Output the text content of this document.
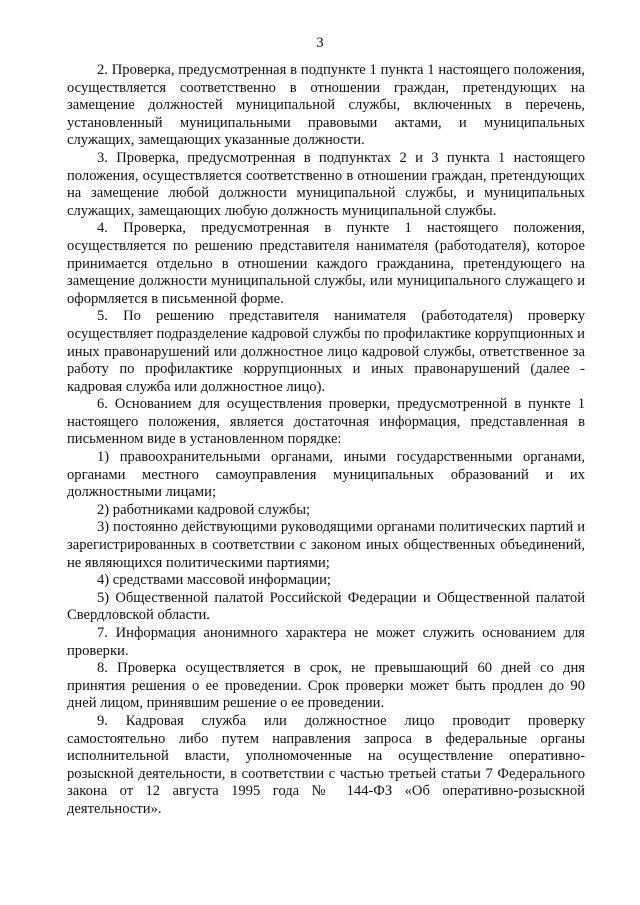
3

2. Проверка, предусмотренная в подпункте 1 пункта 1 настоящего положения, осуществляется соответственно в отношении граждан, претендующих на замещение должностей муниципальной службы, включенных в перечень, установленный муниципальными правовыми актами, и муниципальных служащих, замещающих указанные должности.

3. Проверка, предусмотренная в подпунктах 2 и 3 пункта 1 настоящего положения, осуществляется соответственно в отношении граждан, претендующих на замещение любой должности муниципальной службы, и муниципальных служащих, замещающих любую должность муниципальной службы.

4. Проверка, предусмотренная в пункте 1 настоящего положения, осуществляется по решению представителя нанимателя (работодателя), которое принимается отдельно в отношении каждого гражданина, претендующего на замещение должности муниципальной службы, или муниципального служащего и оформляется в письменной форме.

5. По решению представителя нанимателя (работодателя) проверку осуществляет подразделение кадровой службы по профилактике коррупционных и иных правонарушений или должностное лицо кадровой службы, ответственное за работу по профилактике коррупционных и иных правонарушений (далее - кадровая служба или должностное лицо).

6. Основанием для осуществления проверки, предусмотренной в пункте 1 настоящего положения, является достаточная информация, представленная в письменном виде в установленном порядке:

1) правоохранительными органами, иными государственными органами, органами местного самоуправления муниципальных образований и их должностными лицами;

2) работниками кадровой службы;

3) постоянно действующими руководящими органами политических партий и зарегистрированных в соответствии с законом иных общественных объединений, не являющихся политическими партиями;

4) средствами массовой информации;

5) Общественной палатой Российской Федерации и Общественной палатой Свердловской области.

7. Информация анонимного характера не может служить основанием для проверки.

8. Проверка осуществляется в срок, не превышающий 60 дней со дня принятия решения о ее проведении. Срок проверки может быть продлен до 90 дней лицом, принявшим решение о ее проведении.

9. Кадровая служба или должностное лицо проводит проверку самостоятельно либо путем направления запроса в федеральные органы исполнительной власти, уполномоченные на осуществление оперативно-розыскной деятельности, в соответствии с частью третьей статьи 7 Федерального закона от 12 августа 1995 года № 144-ФЗ «Об оперативно-розыскной деятельности».
